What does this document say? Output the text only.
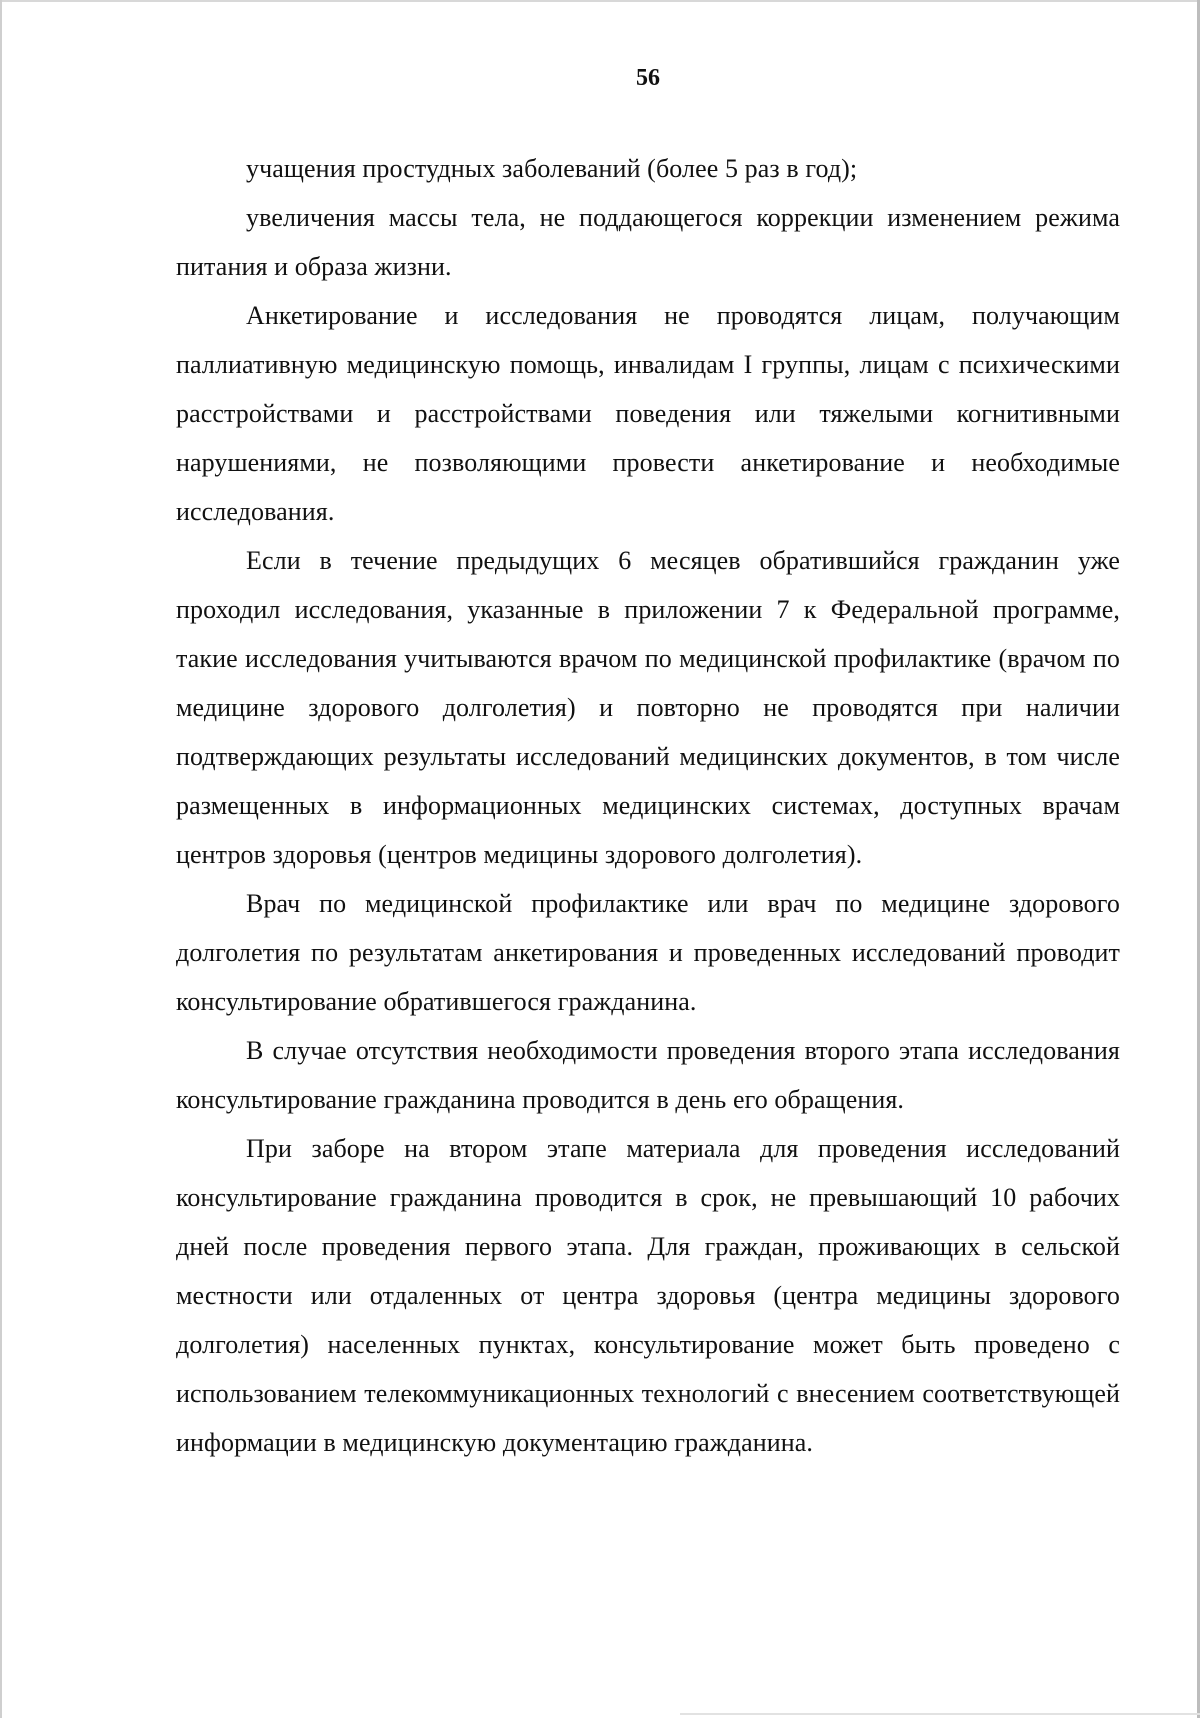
56

учащения простудных заболеваний (более 5 раз в год);

увеличения массы тела, не поддающегося коррекции изменением режима питания и образа жизни.

Анкетирование и исследования не проводятся лицам, получающим паллиативную медицинскую помощь, инвалидам I группы, лицам с психическими расстройствами и расстройствами поведения или тяжелыми когнитивными нарушениями, не позволяющими провести анкетирование и необходимые исследования.

Если в течение предыдущих 6 месяцев обратившийся гражданин уже проходил исследования, указанные в приложении 7 к Федеральной программе, такие исследования учитываются врачом по медицинской профилактике (врачом по медицине здорового долголетия) и повторно не проводятся при наличии подтверждающих результаты исследований медицинских документов, в том числе размещенных в информационных медицинских системах, доступных врачам центров здоровья (центров медицины здорового долголетия).

Врач по медицинской профилактике или врач по медицине здорового долголетия по результатам анкетирования и проведенных исследований проводит консультирование обратившегося гражданина.

В случае отсутствия необходимости проведения второго этапа исследования консультирование гражданина проводится в день его обращения.

При заборе на втором этапе материала для проведения исследований консультирование гражданина проводится в срок, не превышающий 10 рабочих дней после проведения первого этапа. Для граждан, проживающих в сельской местности или отдаленных от центра здоровья (центра медицины здорового долголетия) населенных пунктах, консультирование может быть проведено с использованием телекоммуникационных технологий с внесением соответствующей информации в медицинскую документацию гражданина.
